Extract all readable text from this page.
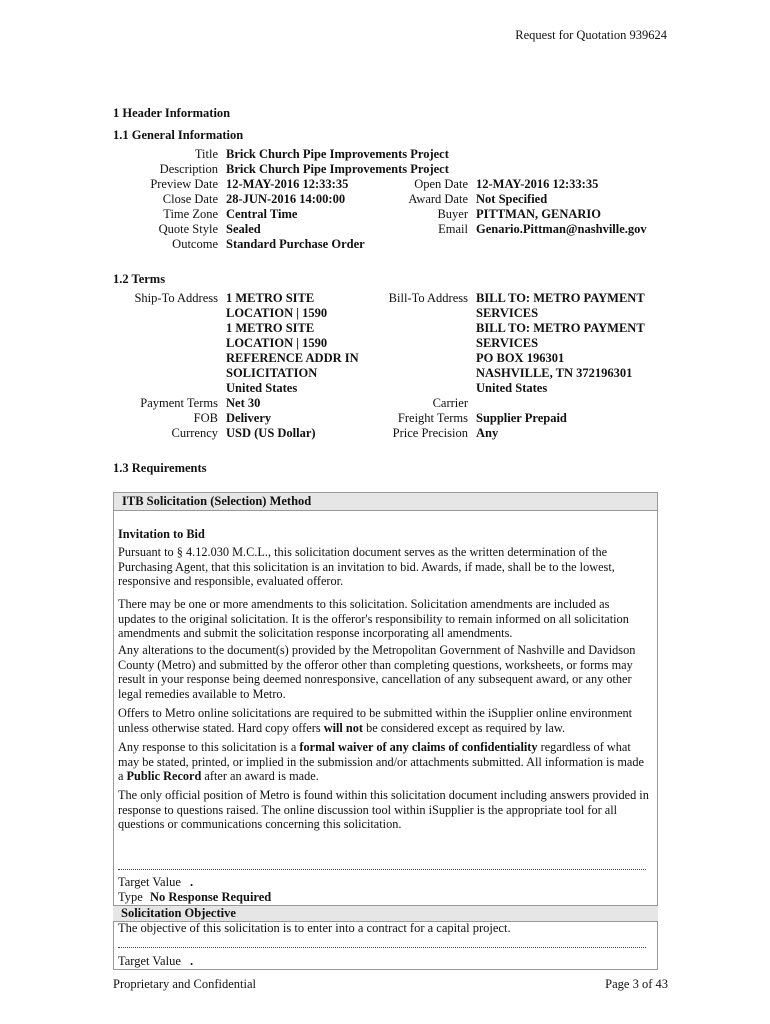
Request for Quotation 939624
1 Header Information
1.1 General Information
Title Brick Church Pipe Improvements Project
Description Brick Church Pipe Improvements Project
Preview Date 12-MAY-2016 12:33:35
Close Date 28-JUN-2016 14:00:00
Time Zone Central Time
Quote Style Sealed
Outcome Standard Purchase Order
Open Date 12-MAY-2016 12:33:35
Award Date Not Specified
Buyer PITTMAN, GENARIO
Email Genario.Pittman@nashville.gov
1.2 Terms
Ship-To Address 1 METRO SITE
LOCATION | 1590
1 METRO SITE
LOCATION | 1590
REFERENCE ADDR IN
SOLICITATION
United States
Bill-To Address BILL TO: METRO PAYMENT
SERVICES
BILL TO: METRO PAYMENT
SERVICES
PO BOX 196301
NASHVILLE, TN 372196301
United States
Payment Terms Net 30
FOB Delivery
Currency USD (US Dollar)
Carrier
Freight Terms Supplier Prepaid
Price Precision Any
1.3 Requirements
ITB Solicitation (Selection) Method
Invitation to Bid
Pursuant to § 4.12.030 M.C.L., this solicitation document serves as the written determination of the Purchasing Agent, that this solicitation is an invitation to bid. Awards, if made, shall be to the lowest, responsive and responsible, evaluated offeror.
There may be one or more amendments to this solicitation. Solicitation amendments are included as updates to the original solicitation. It is the offeror's responsibility to remain informed on all solicitation amendments and submit the solicitation response incorporating all amendments.
Any alterations to the document(s) provided by the Metropolitan Government of Nashville and Davidson County (Metro) and submitted by the offeror other than completing questions, worksheets, or forms may result in your response being deemed nonresponsive, cancellation of any subsequent award, or any other legal remedies available to Metro.
Offers to Metro online solicitations are required to be submitted within the iSupplier online environment unless otherwise stated. Hard copy offers will not be considered except as required by law.
Any response to this solicitation is a formal waiver of any claims of confidentiality regardless of what may be stated, printed, or implied in the submission and/or attachments submitted. All information is made a Public Record after an award is made.
The only official position of Metro is found within this solicitation document including answers provided in response to questions raised. The online discussion tool within iSupplier is the appropriate tool for all questions or communications concerning this solicitation.
Target Value .
Type No Response Required
Solicitation Objective
The objective of this solicitation is to enter into a contract for a capital project.
Target Value .
Proprietary and Confidential	Page 3 of 43
